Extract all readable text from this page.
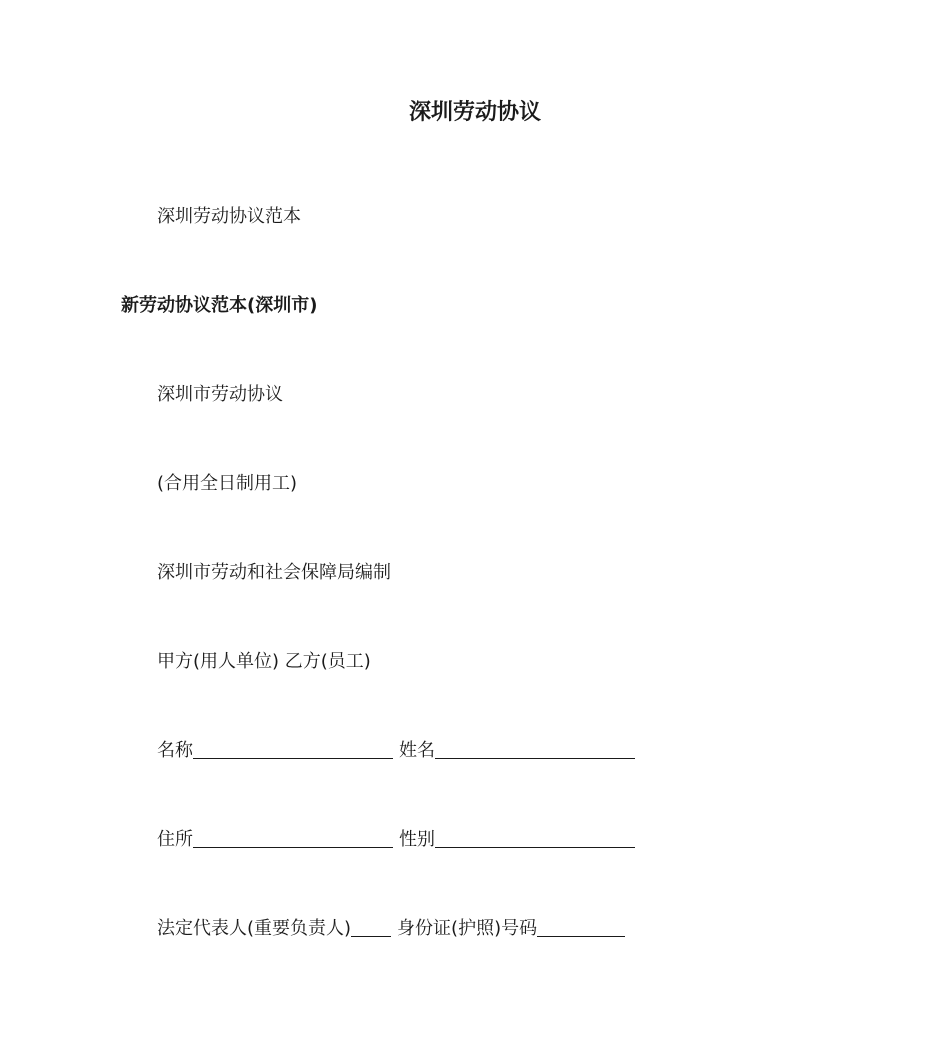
深圳劳动协议

深圳劳动协议范本

新劳动协议范本(深圳市)

深圳市劳动协议

(合用全日制用工)

深圳市劳动和社会保障局编制

甲方(用人单位) 乙方(员工)

名称	姓名

住所	性别

法定代表人(重要负责人)	身份证(护照)号码
